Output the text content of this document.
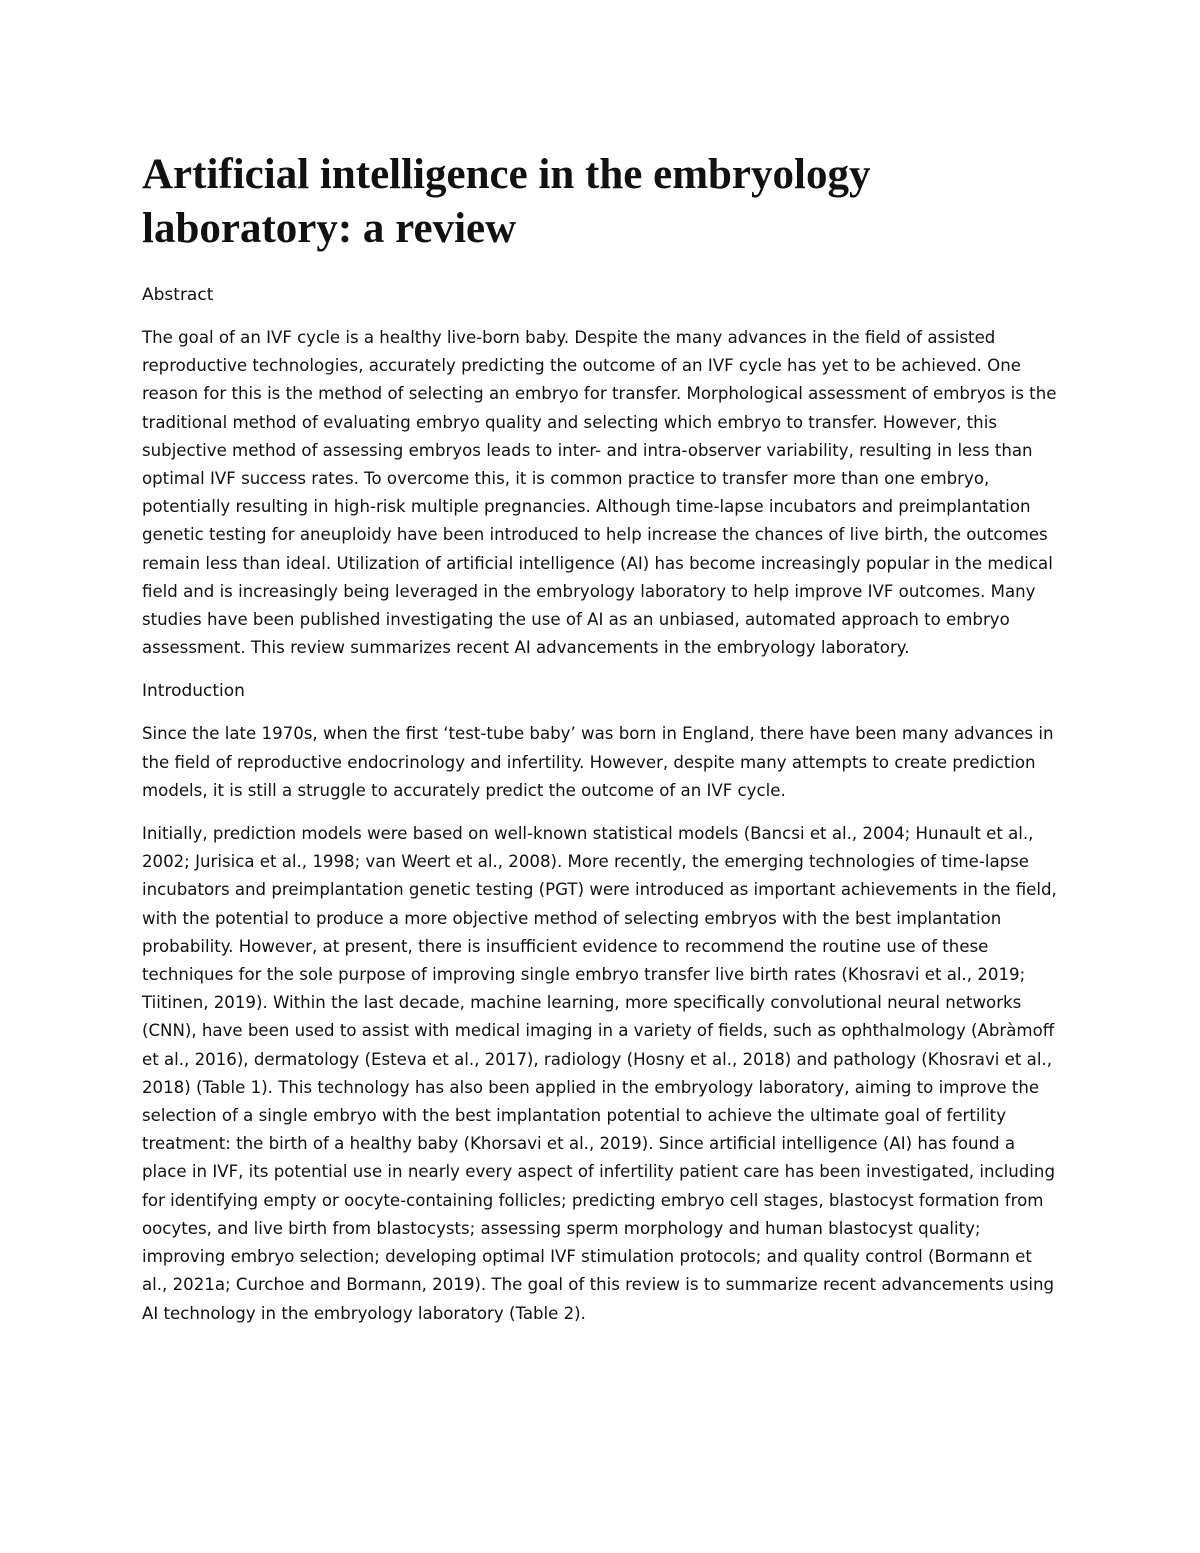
Artificial intelligence in the embryology laboratory: a review
Abstract

The goal of an IVF cycle is a healthy live-born baby. Despite the many advances in the field of assisted reproductive technologies, accurately predicting the outcome of an IVF cycle has yet to be achieved. One reason for this is the method of selecting an embryo for transfer. Morphological assessment of embryos is the traditional method of evaluating embryo quality and selecting which embryo to transfer. However, this subjective method of assessing embryos leads to inter- and intra-observer variability, resulting in less than optimal IVF success rates. To overcome this, it is common practice to transfer more than one embryo, potentially resulting in high-risk multiple pregnancies. Although time-lapse incubators and preimplantation genetic testing for aneuploidy have been introduced to help increase the chances of live birth, the outcomes remain less than ideal. Utilization of artificial intelligence (AI) has become increasingly popular in the medical field and is increasingly being leveraged in the embryology laboratory to help improve IVF outcomes. Many studies have been published investigating the use of AI as an unbiased, automated approach to embryo assessment. This review summarizes recent AI advancements in the embryology laboratory.

Introduction

Since the late 1970s, when the first ‘test-tube baby’ was born in England, there have been many advances in the field of reproductive endocrinology and infertility. However, despite many attempts to create prediction models, it is still a struggle to accurately predict the outcome of an IVF cycle.

Initially, prediction models were based on well-known statistical models (Bancsi et al., 2004; Hunault et al., 2002; Jurisica et al., 1998; van Weert et al., 2008). More recently, the emerging technologies of time-lapse incubators and preimplantation genetic testing (PGT) were introduced as important achievements in the field, with the potential to produce a more objective method of selecting embryos with the best implantation probability. However, at present, there is insufficient evidence to recommend the routine use of these techniques for the sole purpose of improving single embryo transfer live birth rates (Khosravi et al., 2019; Tiitinen, 2019). Within the last decade, machine learning, more specifically convolutional neural networks (CNN), have been used to assist with medical imaging in a variety of fields, such as ophthalmology (Abràmoff et al., 2016), dermatology (Esteva et al., 2017), radiology (Hosny et al., 2018) and pathology (Khosravi et al., 2018) (Table 1). This technology has also been applied in the embryology laboratory, aiming to improve the selection of a single embryo with the best implantation potential to achieve the ultimate goal of fertility treatment: the birth of a healthy baby (Khorsavi et al., 2019). Since artificial intelligence (AI) has found a place in IVF, its potential use in nearly every aspect of infertility patient care has been investigated, including for identifying empty or oocyte-containing follicles; predicting embryo cell stages, blastocyst formation from oocytes, and live birth from blastocysts; assessing sperm morphology and human blastocyst quality; improving embryo selection; developing optimal IVF stimulation protocols; and quality control (Bormann et al., 2021a; Curchoe and Bormann, 2019). The goal of this review is to summarize recent advancements using AI technology in the embryology laboratory (Table 2).
